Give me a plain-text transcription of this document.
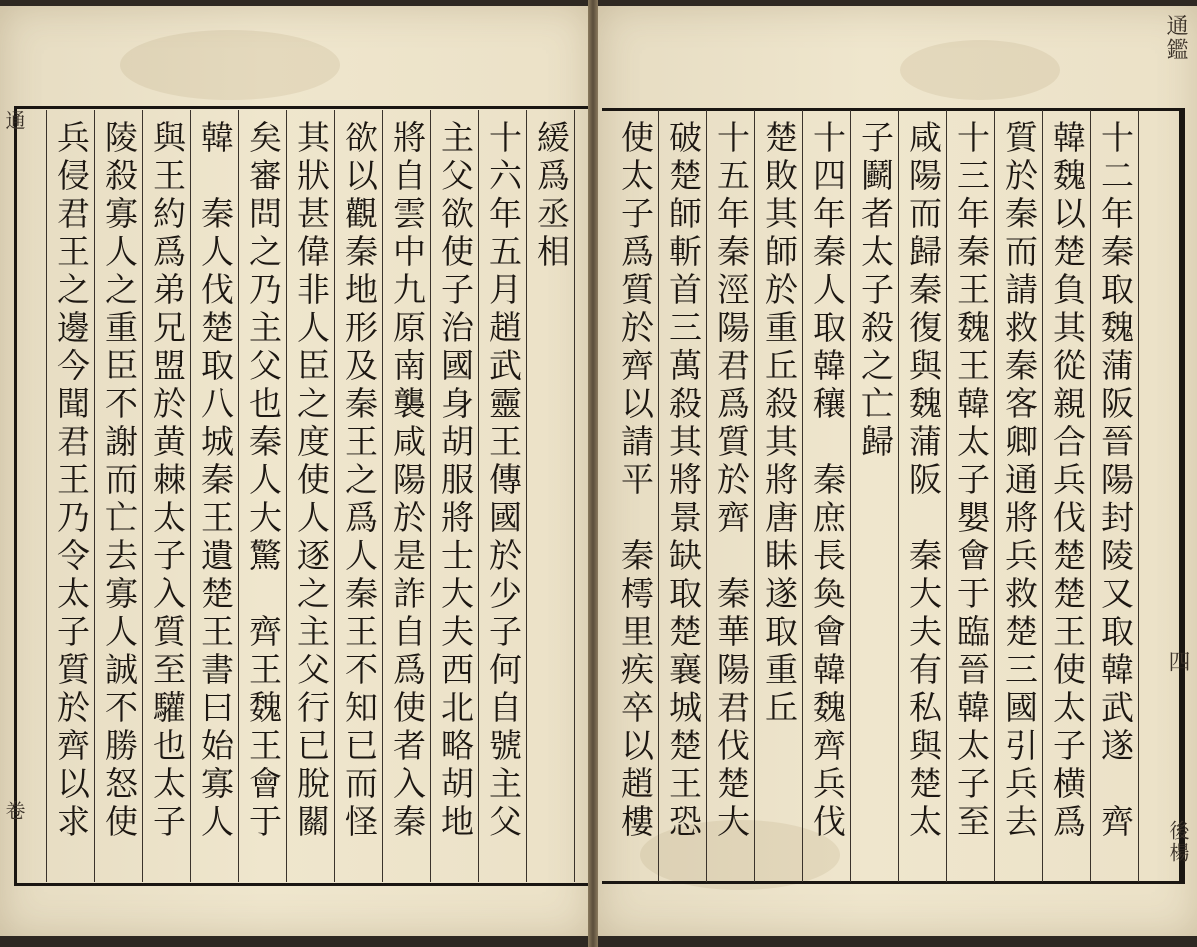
通鑑
四
後楊
十二年秦取魏蒲阪晉陽封陵又取韓武遂　齊
韓魏以楚負其從親合兵伐楚楚王使太子横爲
質於秦而請救秦客卿通將兵救楚三國引兵去
十三年秦王魏王韓太子嬰會于臨晉韓太子至
咸陽而歸秦復與魏蒲阪　秦大夫有私與楚太
子鬬者太子殺之亡歸
十四年秦人取韓穰　秦庶長奐會韓魏齊兵伐
楚敗其師於重丘殺其將唐眛遂取重丘
十五年秦涇陽君爲質於齊　秦華陽君伐楚大
破楚師斬首三萬殺其將景缺取楚襄城楚王恐
使太子爲質於齊以請平　秦樗里疾卒以趙樓
通
卷
緩爲丞相
十六年五月趙武靈王傳國於少子何自號主父
主父欲使子治國身胡服將士大夫西北略胡地
將自雲中九原南襲咸陽於是詐自爲使者入秦
欲以觀秦地形及秦王之爲人秦王不知已而怪
其狀甚偉非人臣之度使人逐之主父行已脫關
矣審問之乃主父也秦人大驚　齊王魏王會于
韓　秦人伐楚取八城秦王遺楚王書曰始寡人
與王約爲弟兄盟於黄棘太子入質至驩也太子
陵殺寡人之重臣不謝而亡去寡人誠不勝怒使
兵侵君王之邊今聞君王乃令太子質於齊以求
